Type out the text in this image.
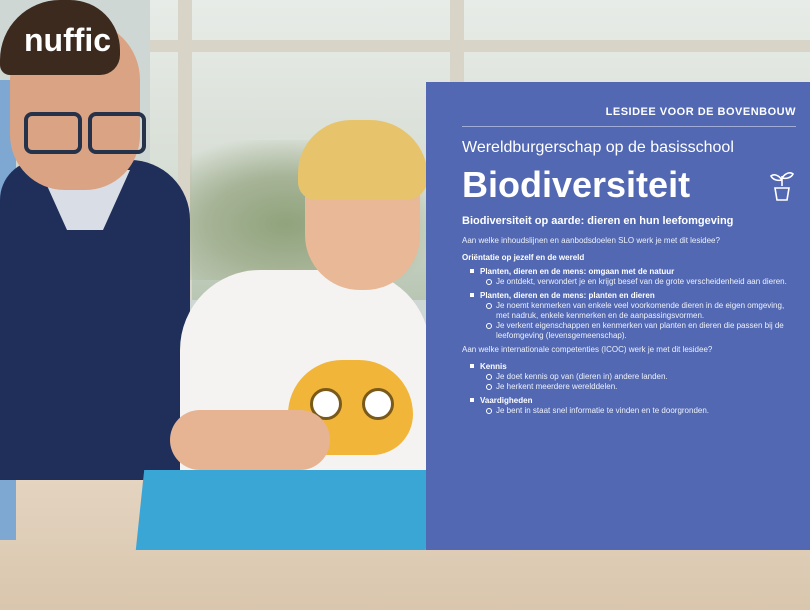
nuffic
LESIDEE VOOR DE BOVENBOUW
Wereldburgerschap op de basisschool
Biodiversiteit
Biodiversiteit op aarde: dieren en hun leefomgeving

Aan welke inhoudslijnen en aanbodsdoelen SLO werk je met dit lesidee?

Oriëntatie op jezelf en de wereld

Planten, dieren en de mens: omgaan met de natuur
Je ontdekt, verwondert je en krijgt besef van de grote verscheidenheid aan dieren.
Planten, dieren en de mens: planten en dieren
Je noemt kenmerken van enkele veel voorkomende dieren in de eigen omgeving, met nadruk, enkele kenmerken en de aanpassingsvormen.
Je verkent eigenschappen en kenmerken van planten en dieren die passen bij de leefomgeving (levensgemeenschap).

Aan welke internationale competenties (ICOC) werk je met dit lesidee?

Kennis
Je doet kennis op van (dieren in) andere landen.
Je herkent meerdere werelddelen.
Vaardigheden
Je bent in staat snel informatie te vinden en te doorgronden.
